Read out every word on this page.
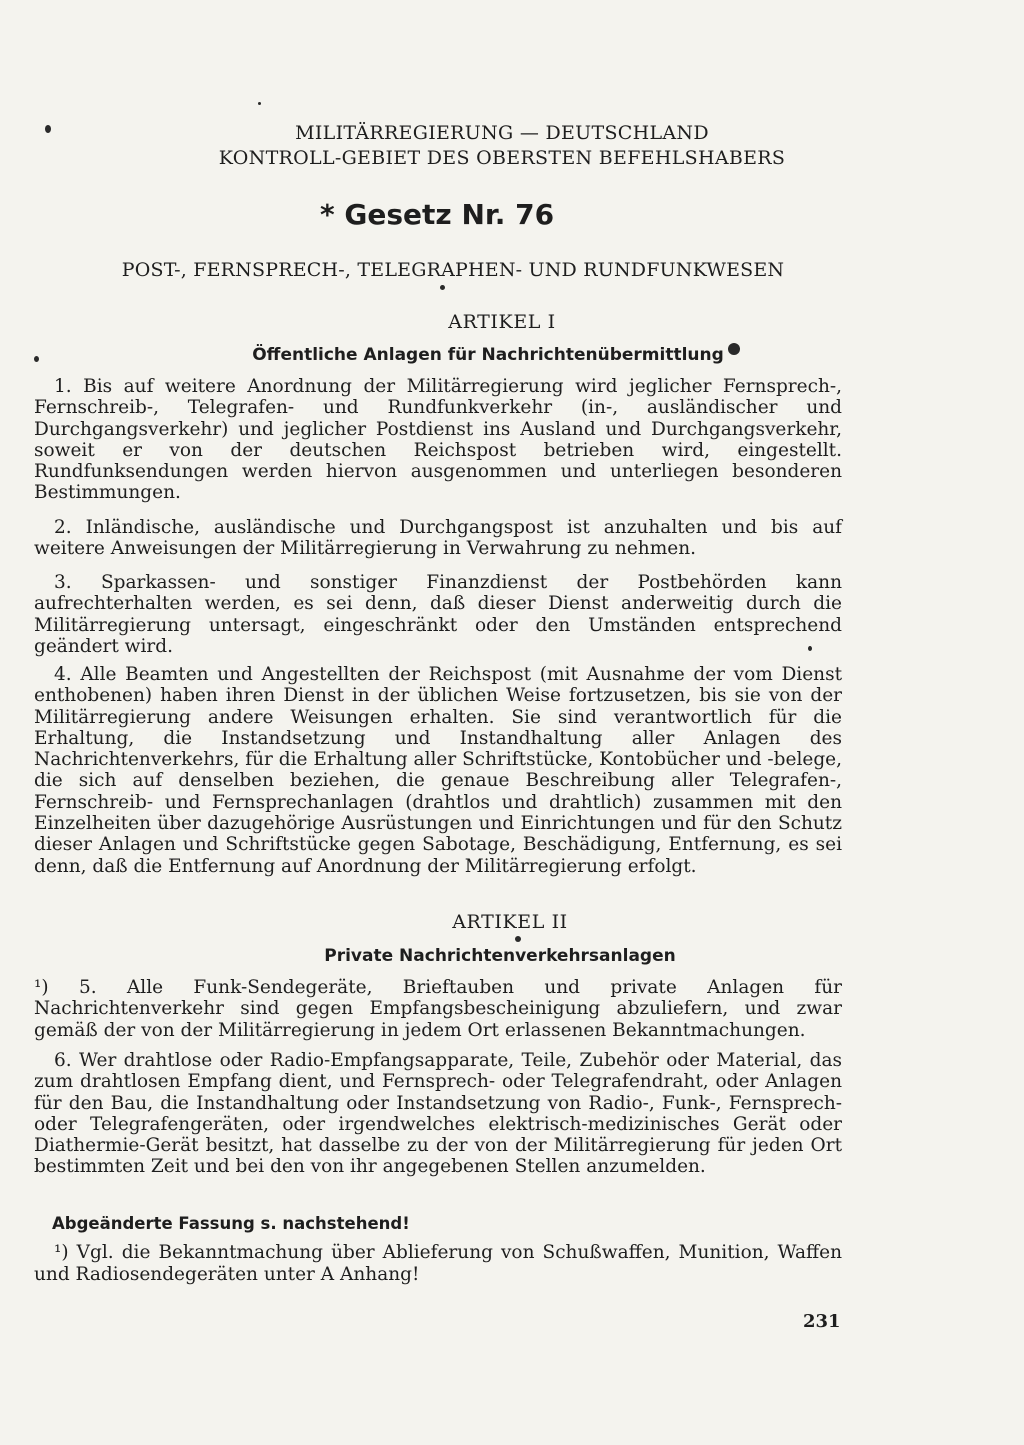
MILITÄRREGIERUNG — DEUTSCHLAND
KONTROLL-GEBIET DES OBERSTEN BEFEHLSHABERS
* Gesetz Nr. 76
POST-, FERNSPRECH-, TELEGRAPHEN- UND RUNDFUNKWESEN
ARTIKEL I
Öffentliche Anlagen für Nachrichtenübermittlung

1. Bis auf weitere Anordnung der Militärregierung wird jeglicher Fernsprech-, Fernschreib-, Telegrafen- und Rundfunkverkehr (in-, ausländischer und Durchgangsverkehr) und jeglicher Postdienst ins Ausland und Durchgangsverkehr, soweit er von der deutschen Reichspost betrieben wird, eingestellt. Rundfunksendungen werden hiervon ausgenommen und unterliegen besonderen Bestimmungen.

2. Inländische, ausländische und Durchgangspost ist anzuhalten und bis auf weitere Anweisungen der Militärregierung in Verwahrung zu nehmen.

3. Sparkassen- und sonstiger Finanzdienst der Postbehörden kann aufrechterhalten werden, es sei denn, daß dieser Dienst anderweitig durch die Militärregierung untersagt, eingeschränkt oder den Umständen entsprechend geändert wird.

4. Alle Beamten und Angestellten der Reichspost (mit Ausnahme der vom Dienst enthobenen) haben ihren Dienst in der üblichen Weise fortzusetzen, bis sie von der Militärregierung andere Weisungen erhalten. Sie sind verantwortlich für die Erhaltung, die Instandsetzung und Instandhaltung aller Anlagen des Nachrichtenverkehrs, für die Erhaltung aller Schriftstücke, Kontobücher und -belege, die sich auf denselben beziehen, die genaue Beschreibung aller Telegrafen-, Fernschreib- und Fernsprechanlagen (drahtlos und drahtlich) zusammen mit den Einzelheiten über dazugehörige Ausrüstungen und Einrichtungen und für den Schutz dieser Anlagen und Schriftstücke gegen Sabotage, Beschädigung, Entfernung, es sei denn, daß die Entfernung auf Anordnung der Militärregierung erfolgt.

ARTIKEL II
Private Nachrichtenverkehrsanlagen

¹) 5. Alle Funk-Sendegeräte, Brieftauben und private Anlagen für Nachrichtenverkehr sind gegen Empfangsbescheinigung abzuliefern, und zwar gemäß der von der Militärregierung in jedem Ort erlassenen Bekanntmachungen.

6. Wer drahtlose oder Radio-Empfangsapparate, Teile, Zubehör oder Material, das zum drahtlosen Empfang dient, und Fernsprech- oder Telegrafendraht, oder Anlagen für den Bau, die Instandhaltung oder Instandsetzung von Radio-, Funk-, Fernsprech- oder Telegrafengeräten, oder irgendwelches elektrisch-medizinisches Gerät oder Diathermie-Gerät besitzt, hat dasselbe zu der von der Militärregierung für jeden Ort bestimmten Zeit und bei den von ihr angegebenen Stellen anzumelden.

Abgeänderte Fassung s. nachstehend!

¹) Vgl. die Bekanntmachung über Ablieferung von Schußwaffen, Munition, Waffen und Radiosendegeräten unter A Anhang!

231
